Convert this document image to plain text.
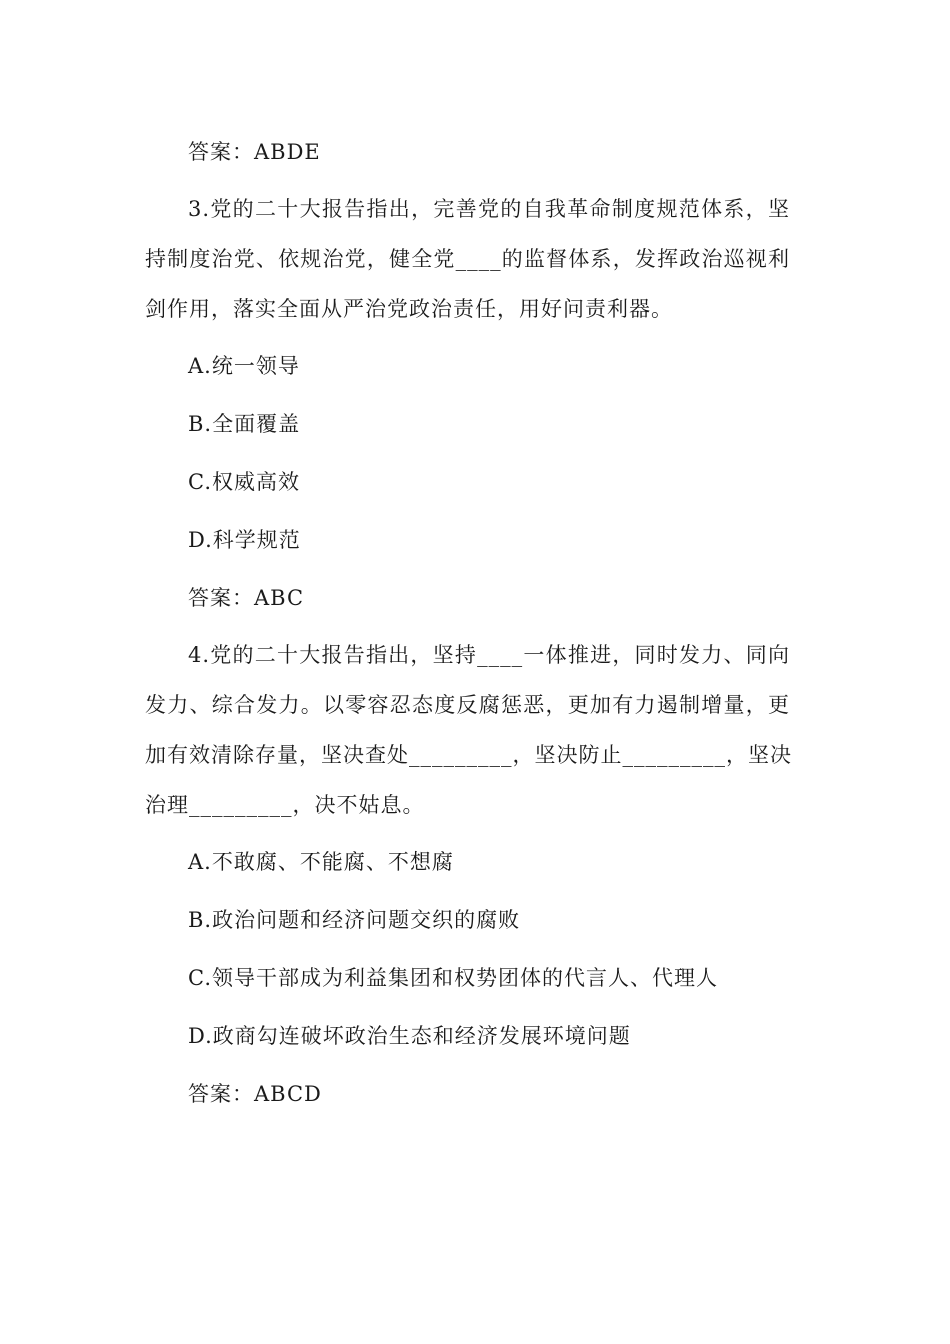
答案：ABDE
3.党的二十大报告指出，完善党的自我革命制度规范体系，坚
持制度治党、依规治党，健全党____的监督体系，发挥政治巡视利
剑作用，落实全面从严治党政治责任，用好问责利器。
A.统一领导
B.全面覆盖
C.权威高效
D.科学规范
答案：ABC
4.党的二十大报告指出，坚持____一体推进，同时发力、同向
发力、综合发力。以零容忍态度反腐惩恶，更加有力遏制增量，更
加有效清除存量，坚决查处_________，坚决防止_________，坚决
治理_________，决不姑息。
A.不敢腐、不能腐、不想腐
B.政治问题和经济问题交织的腐败
C.领导干部成为利益集团和权势团体的代言人、代理人
D.政商勾连破坏政治生态和经济发展环境问题
答案：ABCD
